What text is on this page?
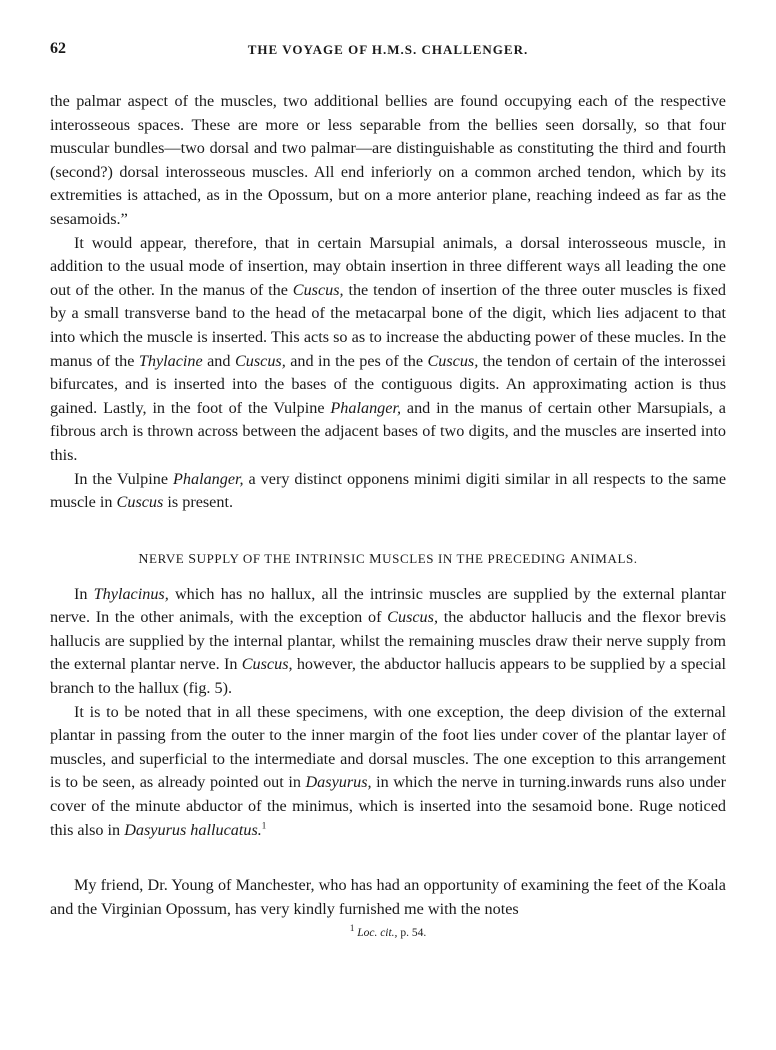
62	THE VOYAGE OF H.M.S. CHALLENGER.

the palmar aspect of the muscles, two additional bellies are found occupying each of the respective interosseous spaces. These are more or less separable from the bellies seen dorsally, so that four muscular bundles—two dorsal and two palmar—are distinguishable as constituting the third and fourth (second?) dorsal interosseous muscles. All end inferiorly on a common arched tendon, which by its extremities is attached, as in the Opossum, but on a more anterior plane, reaching indeed as far as the sesamoids.”

It would appear, therefore, that in certain Marsupial animals, a dorsal interosseous muscle, in addition to the usual mode of insertion, may obtain insertion in three different ways all leading the one out of the other. In the manus of the Cuscus, the tendon of insertion of the three outer muscles is fixed by a small transverse band to the head of the metacarpal bone of the digit, which lies adjacent to that into which the muscle is inserted. This acts so as to increase the abducting power of these mucles. In the manus of the Thylacine and Cuscus, and in the pes of the Cuscus, the tendon of certain of the interossei bifurcates, and is inserted into the bases of the contiguous digits. An approximating action is thus gained. Lastly, in the foot of the Vulpine Phalanger, and in the manus of certain other Marsupials, a fibrous arch is thrown across between the adjacent bases of two digits, and the muscles are inserted into this.

In the Vulpine Phalanger, a very distinct opponens minimi digiti similar in all respects to the same muscle in Cuscus is present.

NERVE SUPPLY OF THE INTRINSIC MUSCLES IN THE PRECEDING ANIMALS.

In Thylacinus, which has no hallux, all the intrinsic muscles are supplied by the external plantar nerve. In the other animals, with the exception of Cuscus, the abductor hallucis and the flexor brevis hallucis are supplied by the internal plantar, whilst the remaining muscles draw their nerve supply from the external plantar nerve. In Cuscus, however, the abductor hallucis appears to be supplied by a special branch to the hallux (fig. 5).

It is to be noted that in all these specimens, with one exception, the deep division of the external plantar in passing from the outer to the inner margin of the foot lies under cover of the plantar layer of muscles, and superficial to the intermediate and dorsal muscles. The one exception to this arrangement is to be seen, as already pointed out in Dasyurus, in which the nerve in turning.inwards runs also under cover of the minute abductor of the minimus, which is inserted into the sesamoid bone. Ruge noticed this also in Dasyurus hallucatus.$^1$

My friend, Dr. Young of Manchester, who has had an opportunity of examining the feet of the Koala and the Virginian Opossum, has very kindly furnished me with the notes

$^1$ Loc. cit., p. 54.
